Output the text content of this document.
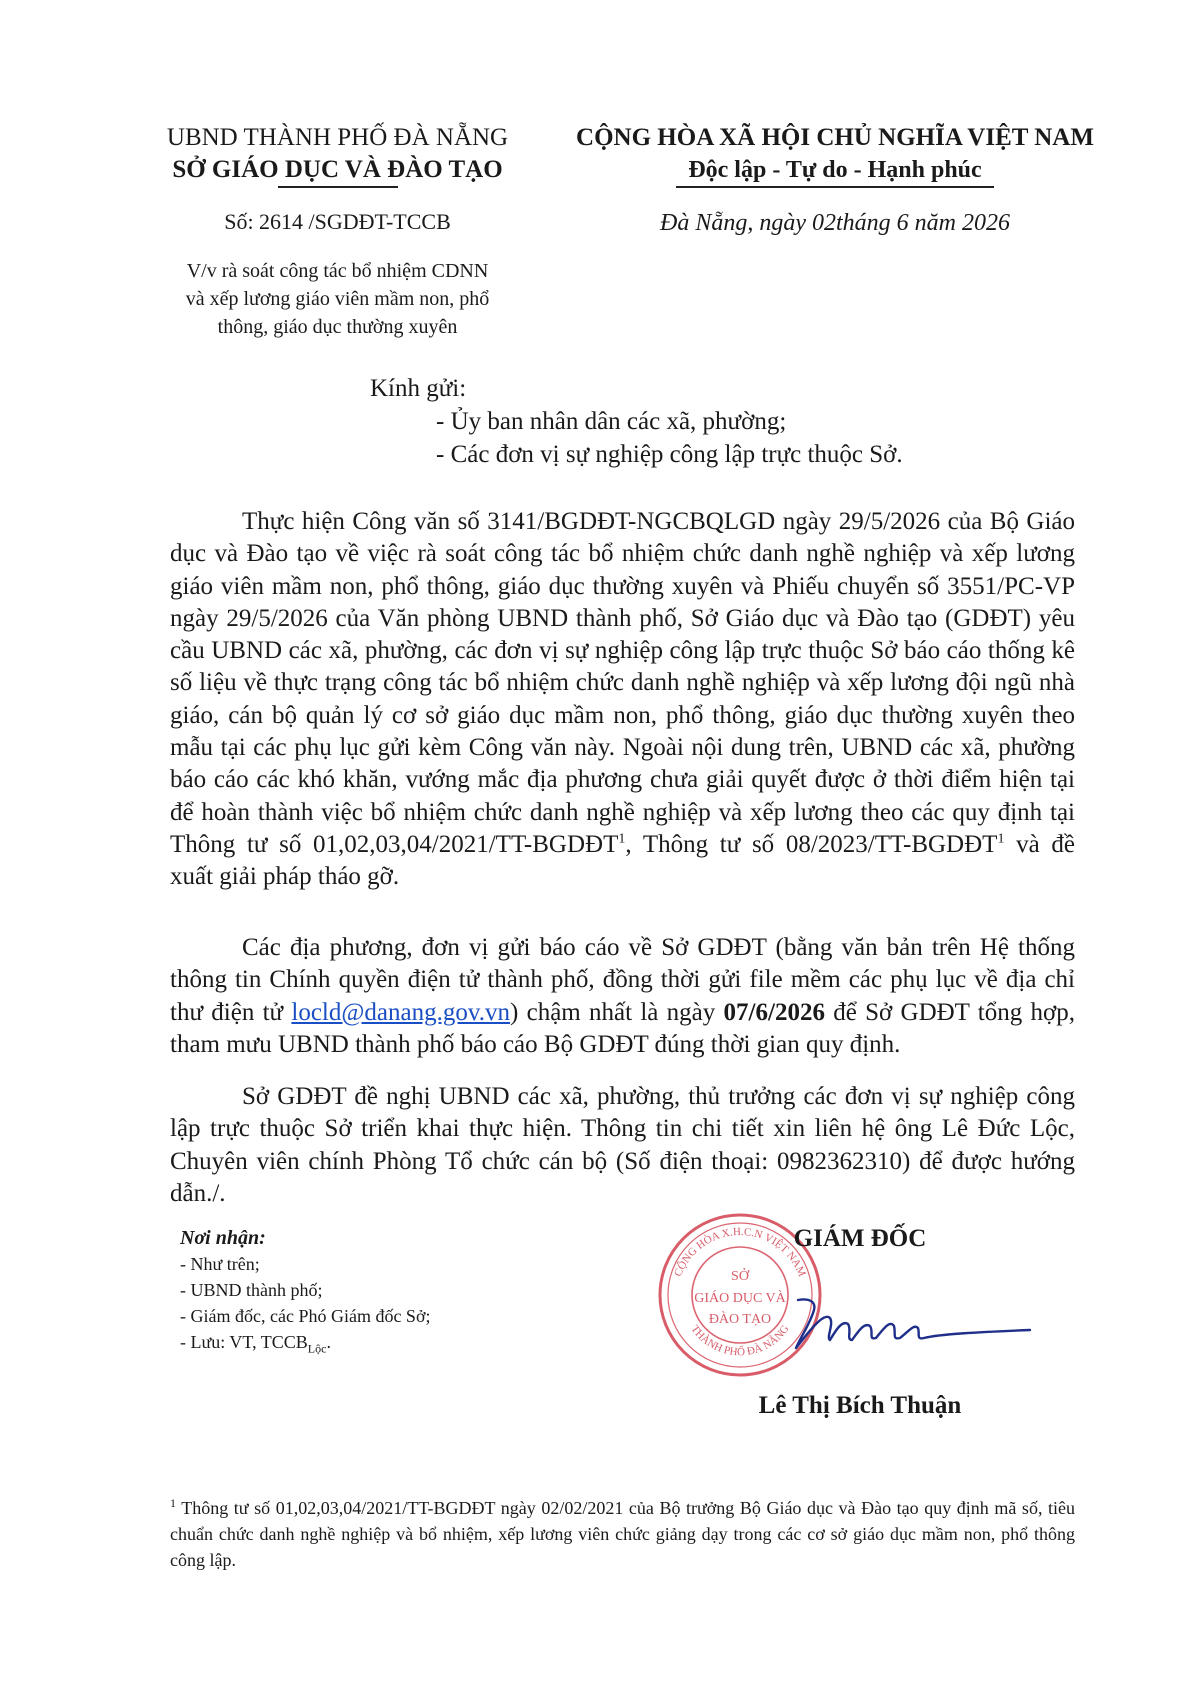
UBND THÀNH PHỐ ĐÀ NẴNG
SỞ GIÁO DỤC VÀ ĐÀO TẠO
Số: 2614 /SGDĐT-TCCB
V/v rà soát công tác bổ nhiệm CDNN
và xếp lương giáo viên mầm non, phổ
thông, giáo dục thường xuyên
CỘNG HÒA XÃ HỘI CHỦ NGHĨA VIỆT NAM
Độc lập - Tự do - Hạnh phúc
Đà Nẵng, ngày 02tháng 6 năm 2026
Kính gửi:
- Ủy ban nhân dân các xã, phường;
- Các đơn vị sự nghiệp công lập trực thuộc Sở.
Thực hiện Công văn số 3141/BGDĐT-NGCBQLGD ngày 29/5/2026 của Bộ Giáo dục và Đào tạo về việc rà soát công tác bổ nhiệm chức danh nghề nghiệp và xếp lương giáo viên mầm non, phổ thông, giáo dục thường xuyên và Phiếu chuyển số 3551/PC-VP ngày 29/5/2026 của Văn phòng UBND thành phố, Sở Giáo dục và Đào tạo (GDĐT) yêu cầu UBND các xã, phường, các đơn vị sự nghiệp công lập trực thuộc Sở báo cáo thống kê số liệu về thực trạng công tác bổ nhiệm chức danh nghề nghiệp và xếp lương đội ngũ nhà giáo, cán bộ quản lý cơ sở giáo dục mầm non, phổ thông, giáo dục thường xuyên theo mẫu tại các phụ lục gửi kèm Công văn này. Ngoài nội dung trên, UBND các xã, phường báo cáo các khó khăn, vướng mắc địa phương chưa giải quyết được ở thời điểm hiện tại để hoàn thành việc bổ nhiệm chức danh nghề nghiệp và xếp lương theo các quy định tại Thông tư số 01,02,03,04/2021/TT-BGDĐT$^1$, Thông tư số 08/2023/TT-BGDĐT$^1$ và đề xuất giải pháp tháo gỡ.
Các địa phương, đơn vị gửi báo cáo về Sở GDĐT (bằng văn bản trên Hệ thống thông tin Chính quyền điện tử thành phố, đồng thời gửi file mềm các phụ lục về địa chỉ thư điện tử locld@danang.gov.vn) chậm nhất là ngày 07/6/2026 để Sở GDĐT tổng hợp, tham mưu UBND thành phố báo cáo Bộ GDĐT đúng thời gian quy định.
Sở GDĐT đề nghị UBND các xã, phường, thủ trưởng các đơn vị sự nghiệp công lập trực thuộc Sở triển khai thực hiện. Thông tin chi tiết xin liên hệ ông Lê Đức Lộc, Chuyên viên chính Phòng Tổ chức cán bộ (Số điện thoại: 0982362310) để được hướng dẫn./.
Nơi nhận:
- Như trên;
- UBND thành phố;
- Giám đốc, các Phó Giám đốc Sở;
- Lưu: VT, $TCCB_{Lộc}$.
CỘNG HÒA X.H.C.N VIỆT NAM
THÀNH PHỐ ĐÀ NẴNG
SỞ
GIÁO DỤC VÀ
ĐÀO TẠO
GIÁM ĐỐC
Lê Thị Bích Thuận
$^1$ Thông tư số 01,02,03,04/2021/TT-BGDĐT ngày 02/02/2021 của Bộ trưởng Bộ Giáo dục và Đào tạo quy định mã số, tiêu chuẩn chức danh nghề nghiệp và bổ nhiệm, xếp lương viên chức giảng dạy trong các cơ sở giáo dục mầm non, phổ thông công lập.
